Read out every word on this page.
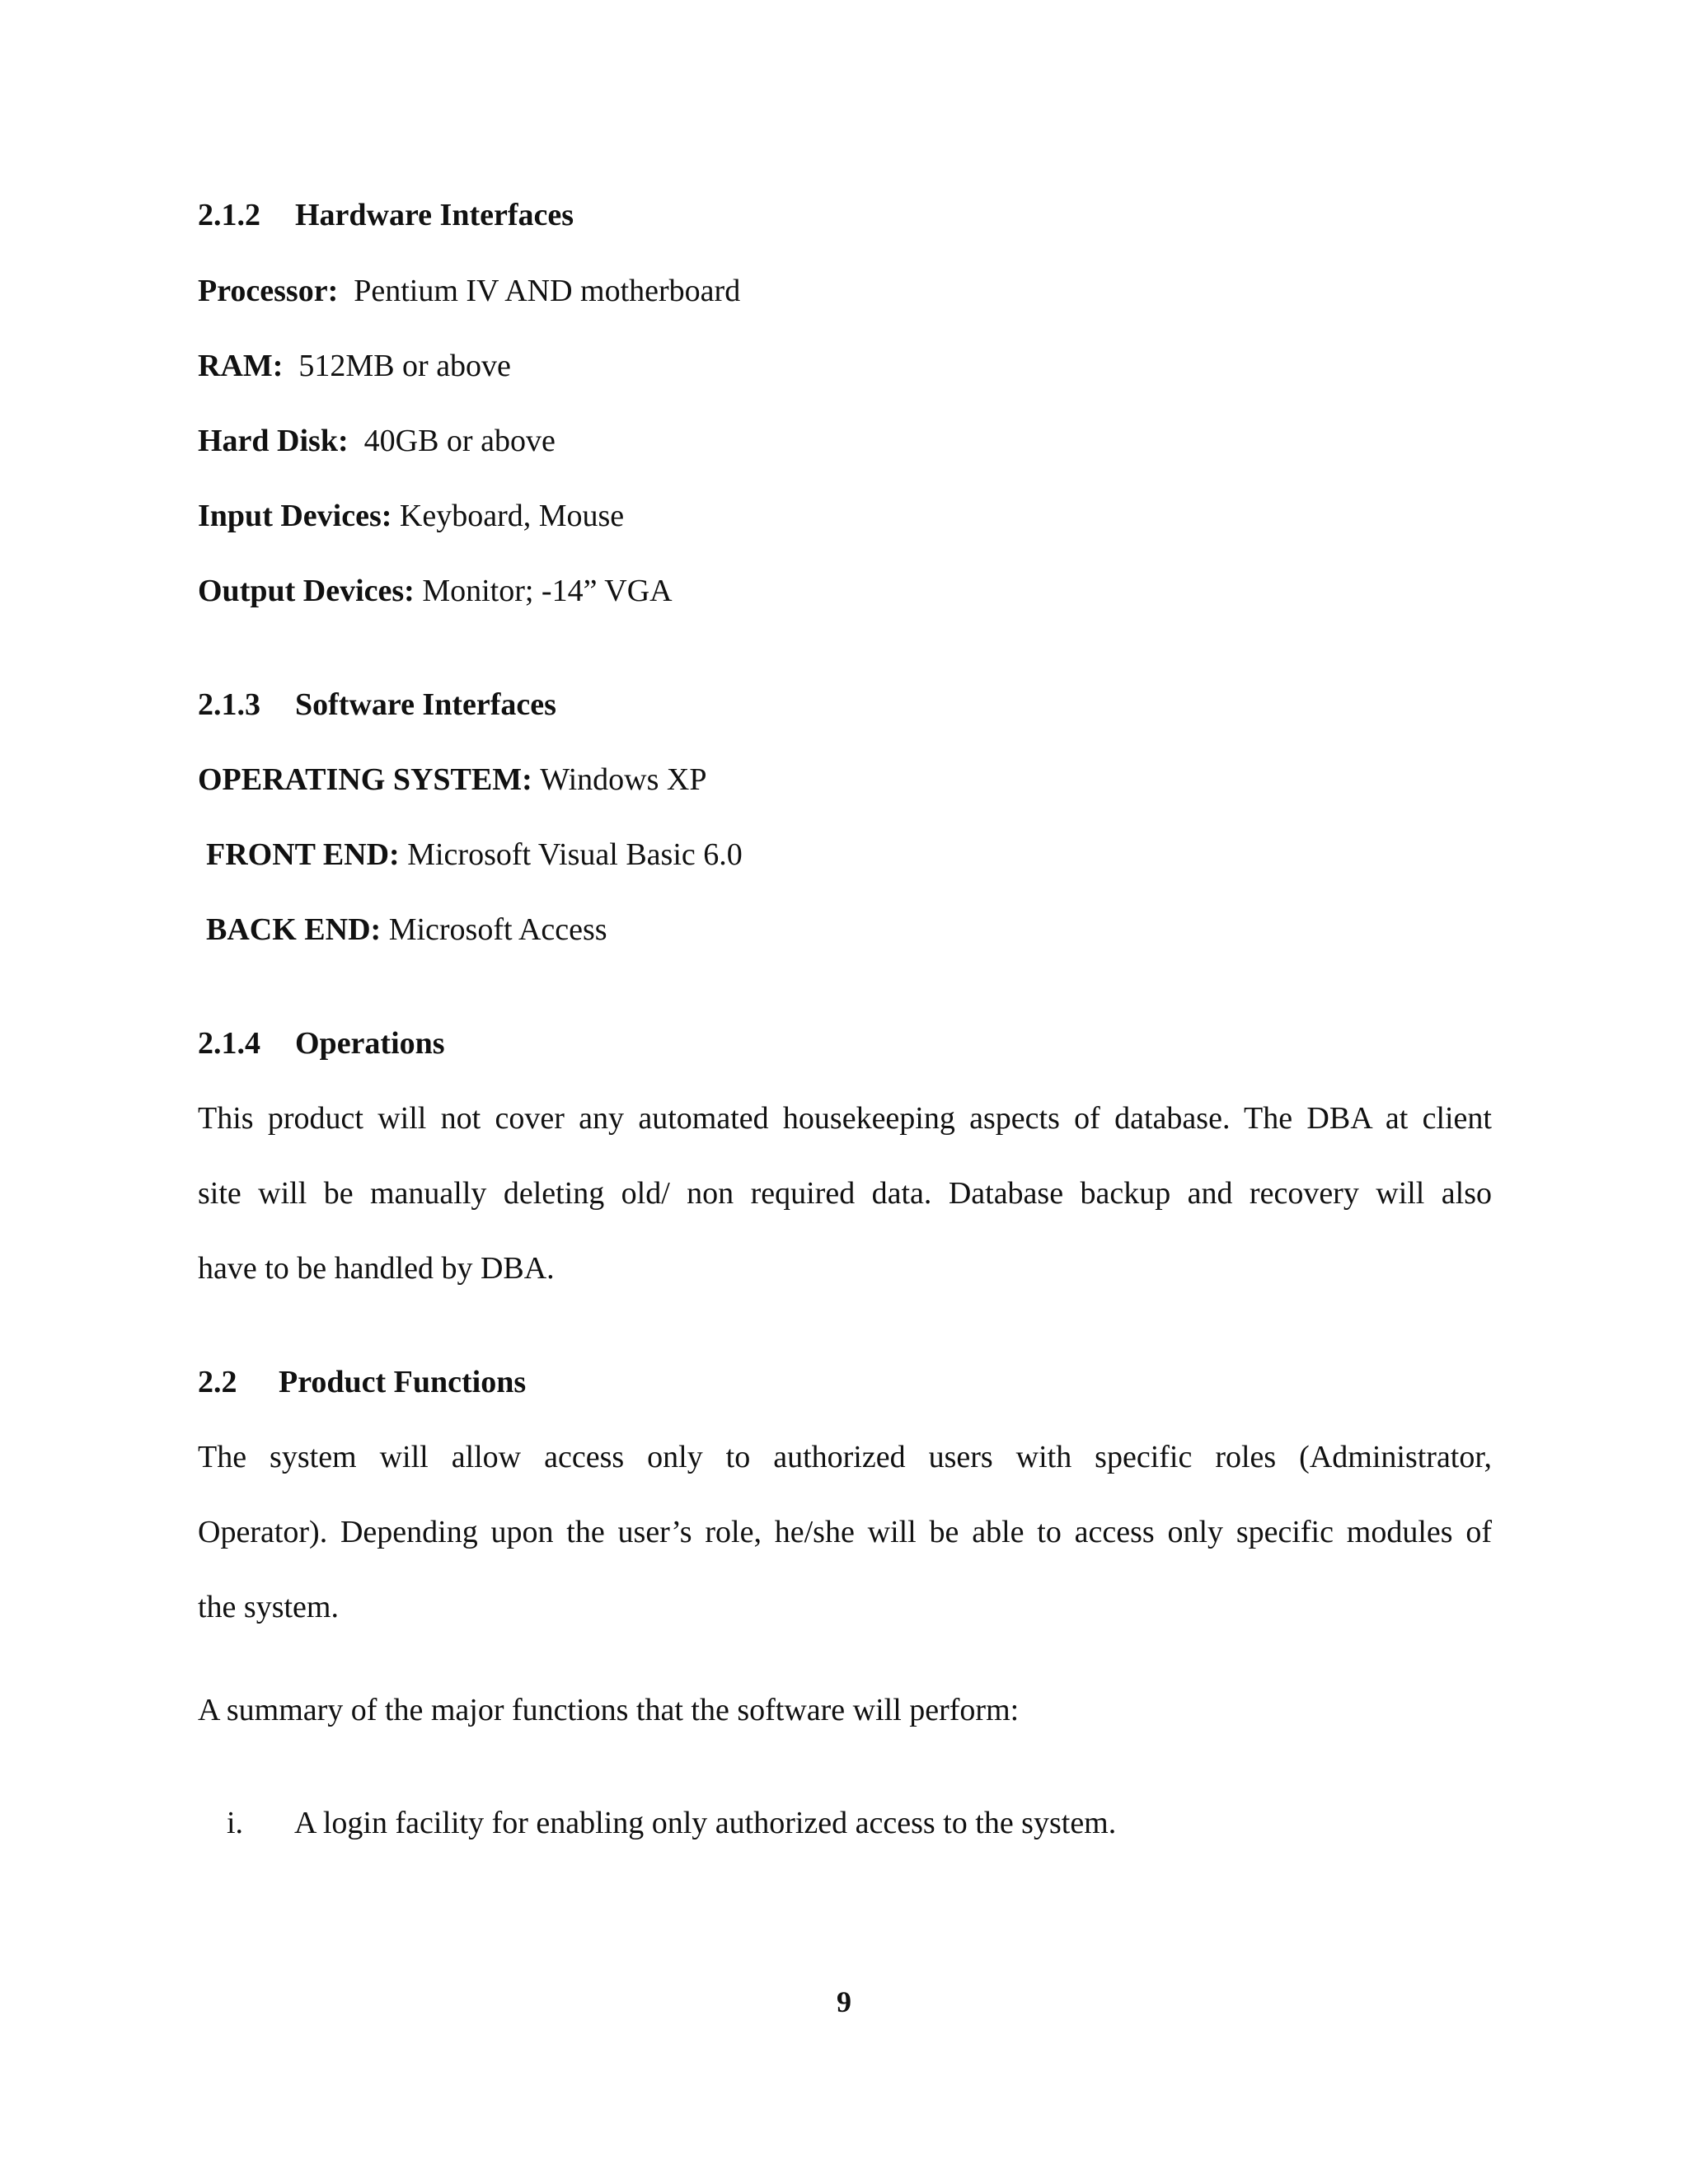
2.1.2 Hardware Interfaces
Processor: Pentium IV AND motherboard
RAM: 512MB or above
Hard Disk: 40GB or above
Input Devices: Keyboard, Mouse
Output Devices: Monitor; -14” VGA
2.1.3 Software Interfaces
OPERATING SYSTEM: Windows XP
FRONT END: Microsoft Visual Basic 6.0
BACK END: Microsoft Access
2.1.4 Operations
This product will not cover any automated housekeeping aspects of database. The DBA at client
site will be manually deleting old/ non required data. Database backup and recovery will also
have to be handled by DBA.
2.2 Product Functions
The system will allow access only to authorized users with specific roles (Administrator,
Operator). Depending upon the user’s role, he/she will be able to access only specific modules of
the system.
A summary of the major functions that the software will perform:
i. A login facility for enabling only authorized access to the system.
9
